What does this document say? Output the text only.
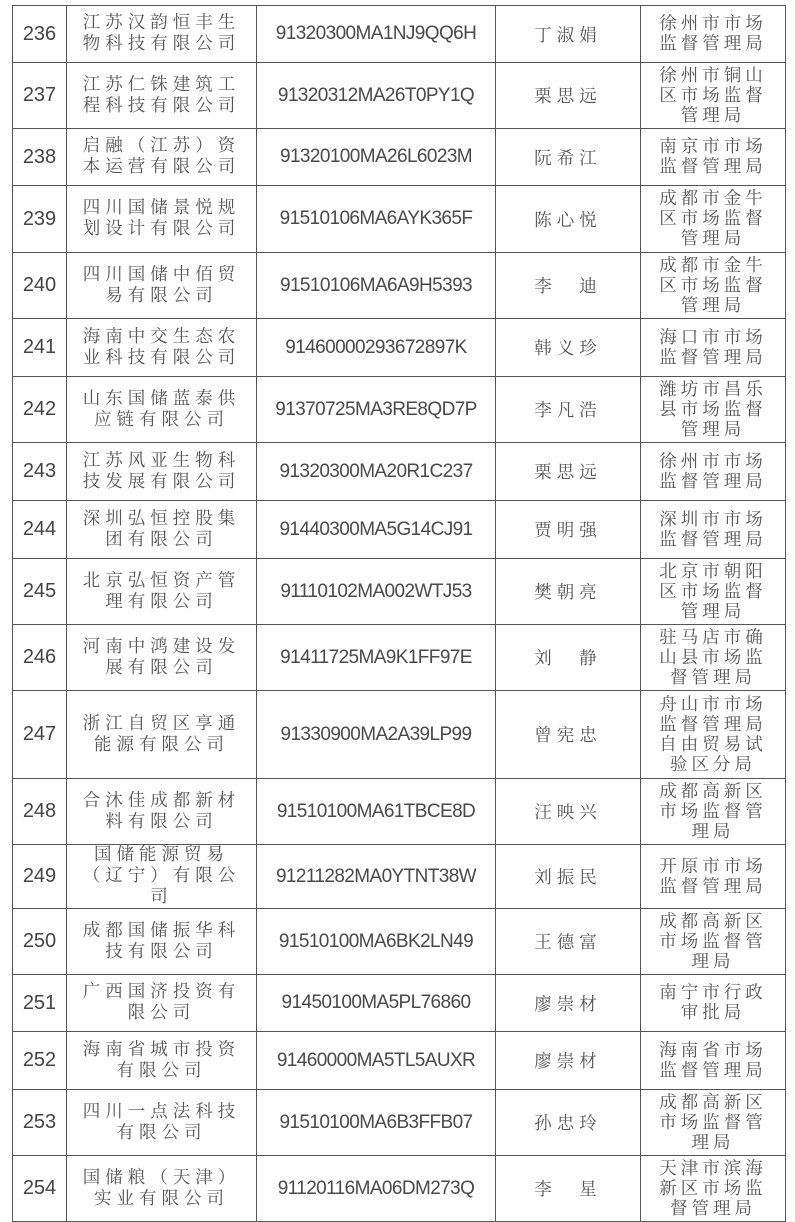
236	江苏汉韵恒丰生物科技有限公司	91320300MA1NJ9QQ6H	丁淑娟	徐州市市场监督管理局
237	江苏仁铢建筑工程科技有限公司	91320312MA26T0PY1Q	栗思远	徐州市铜山区市场监督管理局
238	启融（江苏）资本运营有限公司	91320100MA26L6023M	阮希江	南京市市场监督管理局
239	四川国储景悦规划设计有限公司	91510106MA6AYK365F	陈心悦	成都市金牛区市场监督管理局
240	四川国储中佰贸易有限公司	91510106MA6A9H5393	李　迪	成都市金牛区市场监督管理局
241	海南中交生态农业科技有限公司	91460000293672897K	韩义珍	海口市市场监督管理局
242	山东国储蓝泰供应链有限公司	91370725MA3RE8QD7P	李凡浩	潍坊市昌乐县市场监督管理局
243	江苏风亚生物科技发展有限公司	91320300MA20R1C237	栗思远	徐州市市场监督管理局
244	深圳弘恒控股集团有限公司	91440300MA5G14CJ91	贾明强	深圳市市场监督管理局
245	北京弘恒资产管理有限公司	91110102MA002WTJ53	樊朝亮	北京市朝阳区市场监督管理局
246	河南中鸿建设发展有限公司	91411725MA9K1FF97E	刘　静	驻马店市确山县市场监督管理局
247	浙江自贸区享通能源有限公司	91330900MA2A39LP99	曾宪忠	舟山市市场监督管理局自由贸易试验区分局
248	合沐佳成都新材料有限公司	91510100MA61TBCE8D	汪映兴	成都高新区市场监督管理局
249	国储能源贸易（辽宁）有限公司	91211282MA0YTNT38W	刘振民	开原市市场监督管理局
250	成都国储振华科技有限公司	91510100MA6BK2LN49	王德富	成都高新区市场监督管理局
251	广西国济投资有限公司	91450100MA5PL76860	廖崇材	南宁市行政审批局
252	海南省城市投资有限公司	91460000MA5TL5AUXR	廖崇材	海南省市场监督管理局
253	四川一点法科技有限公司	91510100MA6B3FFB07	孙忠玲	成都高新区市场监督管理局
254	国储粮（天津）实业有限公司	91120116MA06DM273Q	李　星	天津市滨海新区市场监督管理局
